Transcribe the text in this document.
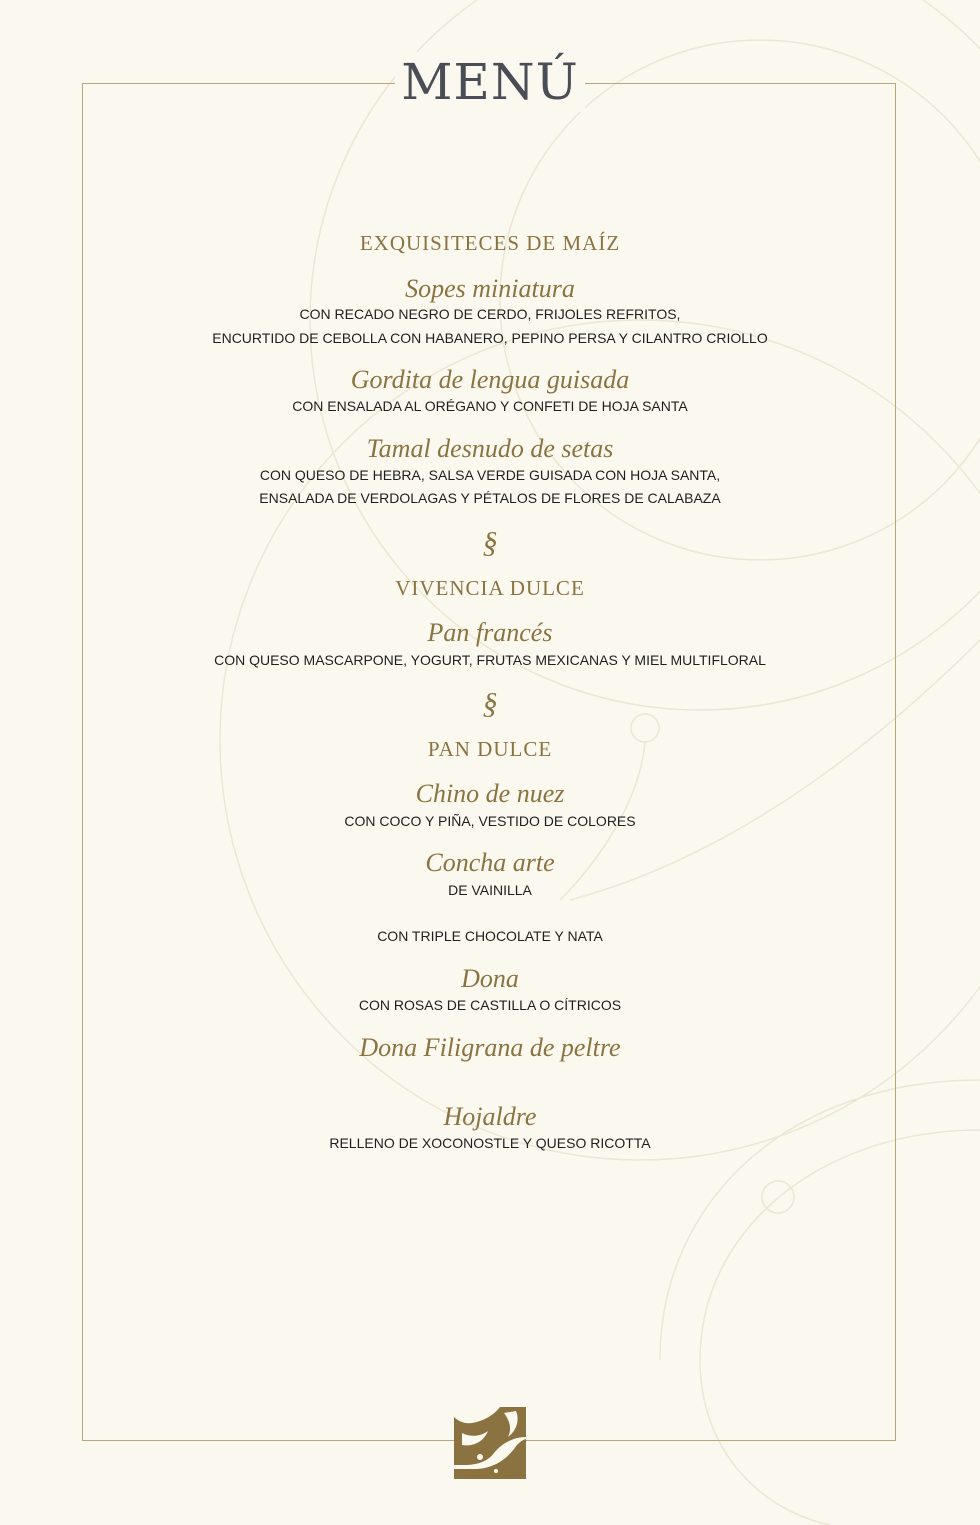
MENÚ
EXQUISITECES DE MAÍZ
Sopes miniatura
CON RECADO NEGRO DE CERDO, FRIJOLES REFRITOS,
ENCURTIDO DE CEBOLLA CON HABANERO, PEPINO PERSA Y CILANTRO CRIOLLO
Gordita de lengua guisada
CON ENSALADA AL ORÉGANO Y CONFETI DE HOJA SANTA
Tamal desnudo de setas
CON QUESO DE HEBRA, SALSA VERDE GUISADA CON HOJA SANTA,
ENSALADA DE VERDOLAGAS Y PÉTALOS DE FLORES DE CALABAZA
§
VIVENCIA DULCE
Pan francés
CON QUESO MASCARPONE, YOGURT, FRUTAS MEXICANAS Y MIEL MULTIFLORAL
§
PAN DULCE
Chino de nuez
CON COCO Y PIÑA, VESTIDO DE COLORES
Concha arte
DE VAINILLA
CON TRIPLE CHOCOLATE Y NATA
Dona
CON ROSAS DE CASTILLA O CÍTRICOS
Dona Filigrana de peltre
Hojaldre
RELLENO DE XOCONOSTLE Y QUESO RICOTTA
